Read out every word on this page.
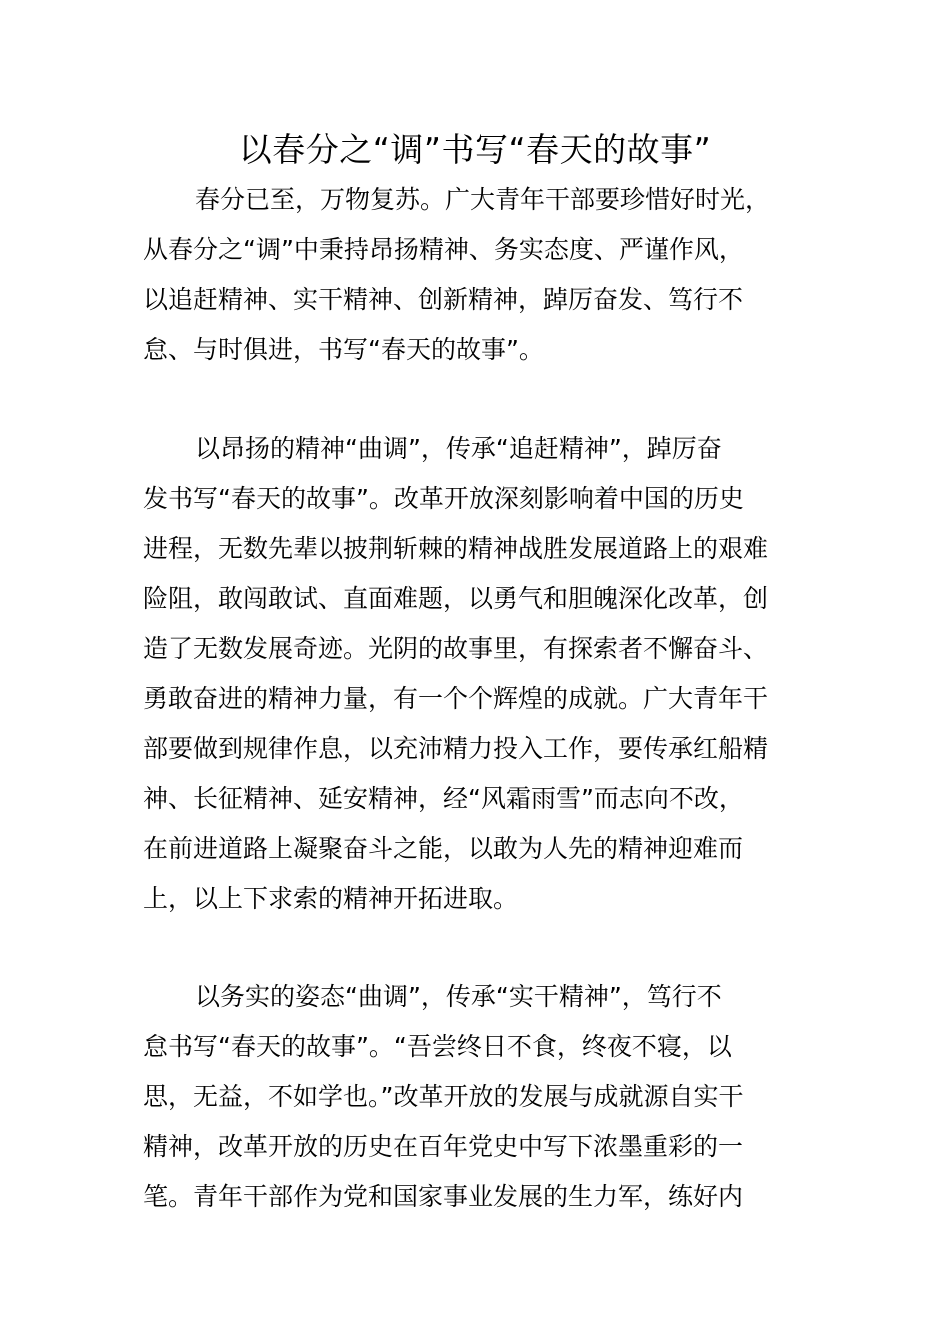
以春分之“调”书写“春天的故事”
春分已至，万物复苏。广大青年干部要珍惜好时光，
从春分之“调”中秉持昂扬精神、务实态度、严谨作风，
以追赶精神、实干精神、创新精神，踔厉奋发、笃行不
怠、与时俱进，书写“春天的故事”。
以昂扬的精神“曲调”，传承“追赶精神”，踔厉奋
发书写“春天的故事”。改革开放深刻影响着中国的历史
进程，无数先辈以披荆斩棘的精神战胜发展道路上的艰难
险阻，敢闯敢试、直面难题，以勇气和胆魄深化改革，创
造了无数发展奇迹。光阴的故事里，有探索者不懈奋斗、
勇敢奋进的精神力量，有一个个辉煌的成就。广大青年干
部要做到规律作息，以充沛精力投入工作，要传承红船精
神、长征精神、延安精神，经“风霜雨雪”而志向不改，
在前进道路上凝聚奋斗之能，以敢为人先的精神迎难而
上，以上下求索的精神开拓进取。
以务实的姿态“曲调”，传承“实干精神”，笃行不
怠书写“春天的故事”。“吾尝终日不食，终夜不寝，以
思，无益，不如学也。”改革开放的发展与成就源自实干
精神，改革开放的历史在百年党史中写下浓墨重彩的一
笔。青年干部作为党和国家事业发展的生力军，练好内
